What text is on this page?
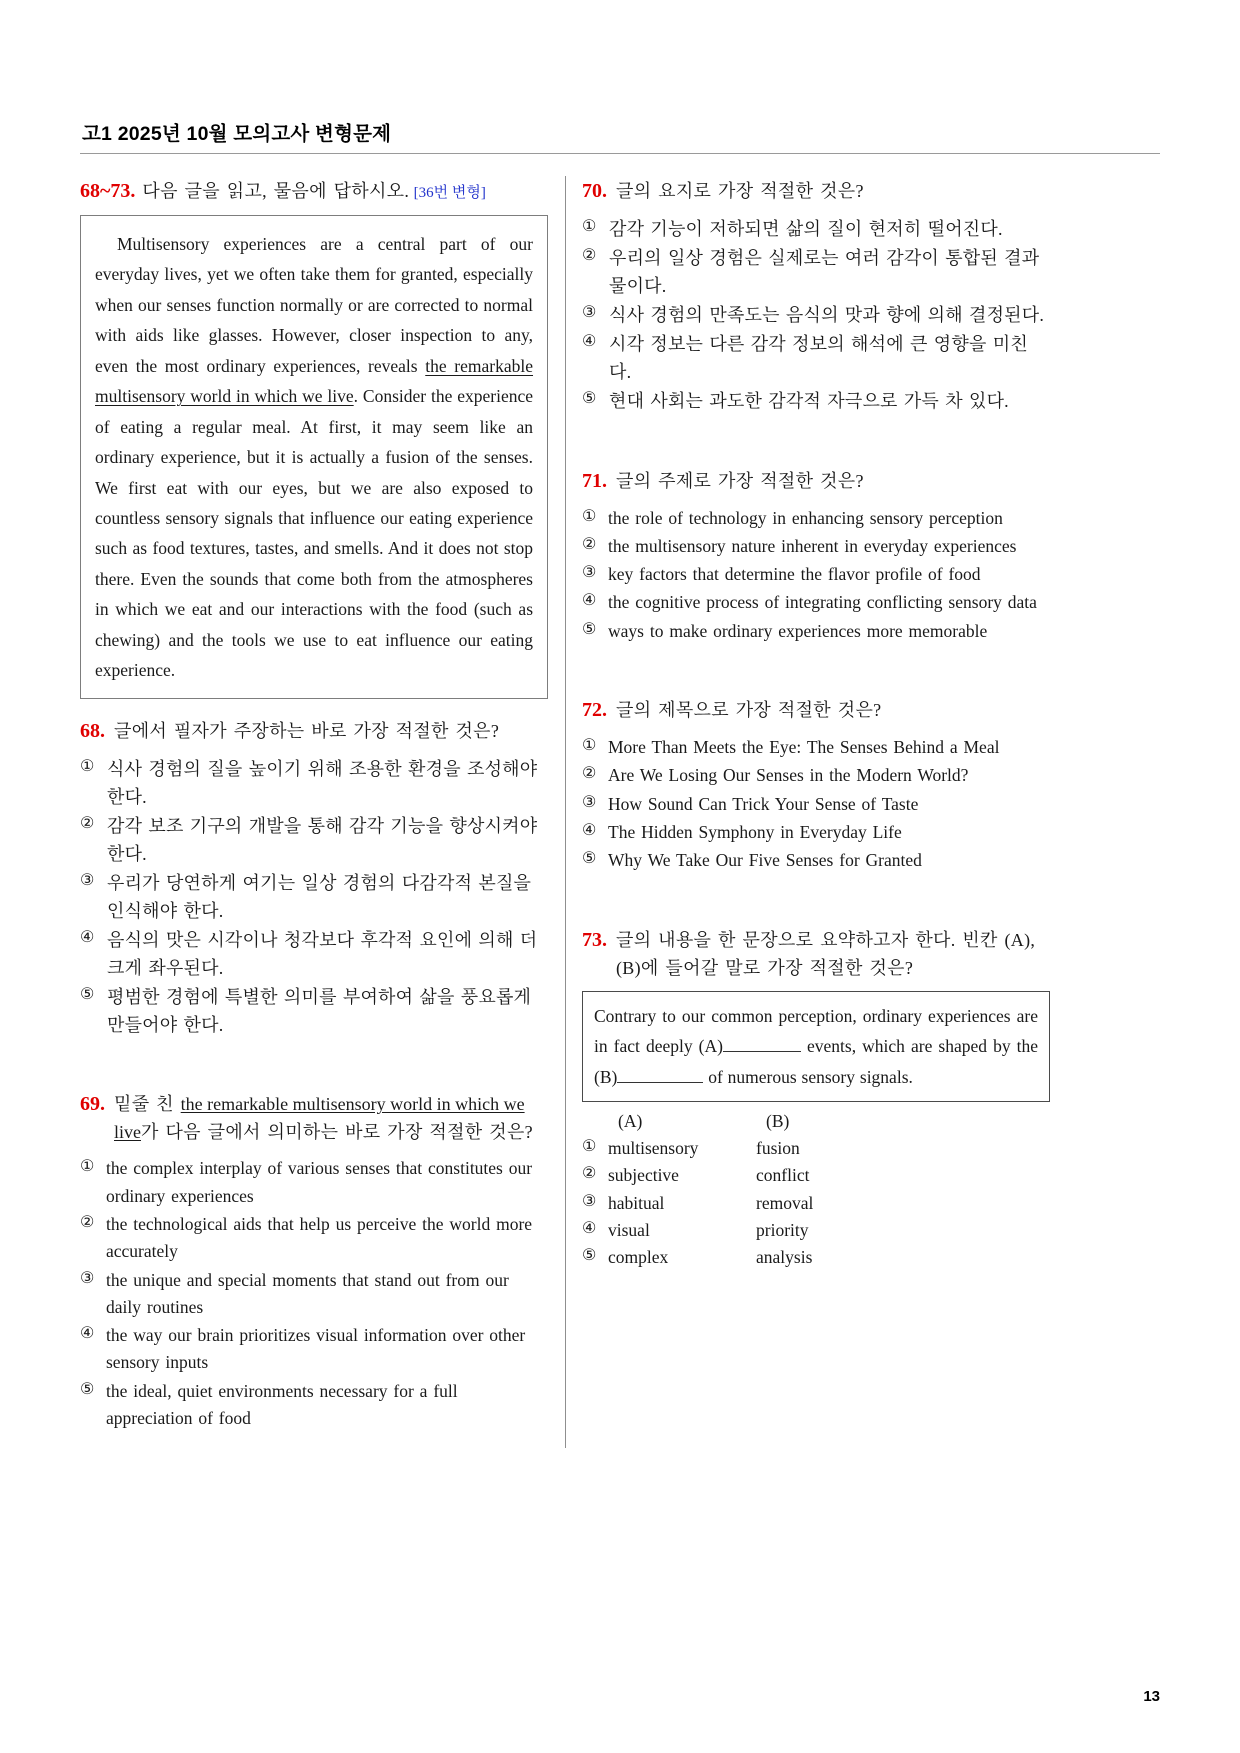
고1 2025년 10월 모의고사 변형문제
68~73. 다음 글을 읽고, 물음에 답하시오. [36번 변형]

Multisensory experiences are a central part of our everyday lives, yet we often take them for granted, especially when our senses function normally or are corrected to normal with aids like glasses. However, closer inspection to any, even the most ordinary experiences, reveals the remarkable multisensory world in which we live. Consider the experience of eating a regular meal. At first, it may seem like an ordinary experience, but it is actually a fusion of the senses. We first eat with our eyes, but we are also exposed to countless sensory signals that influence our eating experience such as food textures, tastes, and smells. And it does not stop there. Even the sounds that come both from the atmospheres in which we eat and our interactions with the food (such as chewing) and the tools we use to eat influence our eating experience.

68. 글에서 필자가 주장하는 바로 가장 적절한 것은?
① 식사 경험의 질을 높이기 위해 조용한 환경을 조성해야 한다.
② 감각 보조 기구의 개발을 통해 감각 기능을 향상시켜야 한다.
③ 우리가 당연하게 여기는 일상 경험의 다감각적 본질을 인식해야 한다.
④ 음식의 맛은 시각이나 청각보다 후각적 요인에 의해 더 크게 좌우된다.
⑤ 평범한 경험에 특별한 의미를 부여하여 삶을 풍요롭게 만들어야 한다.
69. 밑줄 친 the remarkable multisensory world in which we live가 다음 글에서 의미하는 바로 가장 적절한 것은?
① the complex interplay of various senses that constitutes our ordinary experiences
② the technological aids that help us perceive the world more accurately
③ the unique and special moments that stand out from our daily routines
④ the way our brain prioritizes visual information over other sensory inputs
⑤ the ideal, quiet environments necessary for a full appreciation of food
70. 글의 요지로 가장 적절한 것은?
① 감각 기능이 저하되면 삶의 질이 현저히 떨어진다.
② 우리의 일상 경험은 실제로는 여러 감각이 통합된 결과물이다.
③ 식사 경험의 만족도는 음식의 맛과 향에 의해 결정된다.
④ 시각 정보는 다른 감각 정보의 해석에 큰 영향을 미친다.
⑤ 현대 사회는 과도한 감각적 자극으로 가득 차 있다.
71. 글의 주제로 가장 적절한 것은?
① the role of technology in enhancing sensory perception
② the multisensory nature inherent in everyday experiences
③ key factors that determine the flavor profile of food
④ the cognitive process of integrating conflicting sensory data
⑤ ways to make ordinary experiences more memorable
72. 글의 제목으로 가장 적절한 것은?
① More Than Meets the Eye: The Senses Behind a Meal
② Are We Losing Our Senses in the Modern World?
③ How Sound Can Trick Your Sense of Taste
④ The Hidden Symphony in Everyday Life
⑤ Why We Take Our Five Senses for Granted
73. 글의 내용을 한 문장으로 요약하고자 한다. 빈칸 (A),
(B)에 들어갈 말로 가장 적절한 것은?

Contrary to our common perception, ordinary experiences are in fact deeply (A)	events, which are shaped by the (B)	of numerous sensory signals.

(A)	(B)
① multisensory	fusion
② subjective	conflict
③ habitual	removal
④ visual	priority
⑤ complex	analysis
13
